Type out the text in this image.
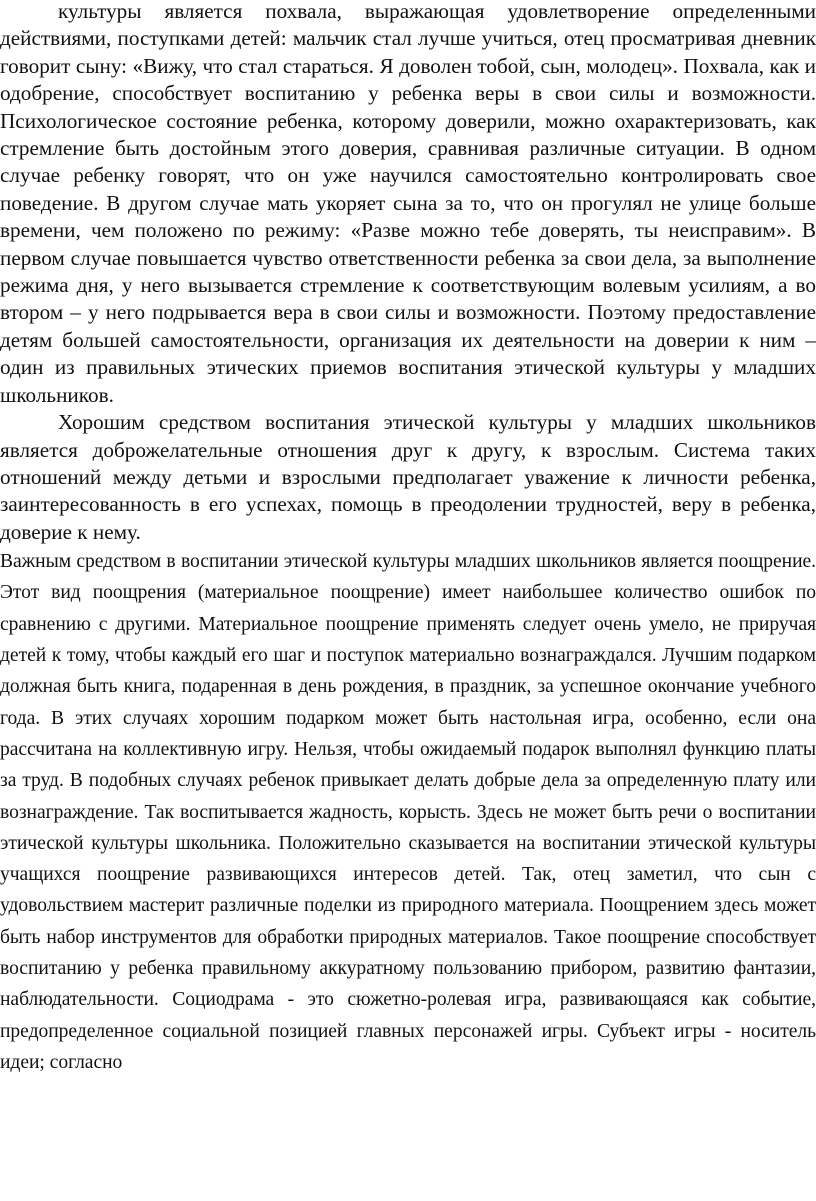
культуры является похвала, выражающая удовлетворение определенными действиями, поступками детей: мальчик стал лучше учиться, отец просматривая дневник говорит сыну: «Вижу, что стал стараться. Я доволен тобой, сын, молодец». Похвала, как и одобрение, способствует воспитанию у ребенка веры в свои силы и возможности. Психологическое состояние ребенка, которому доверили, можно охарактеризовать, как стремление быть достойным этого доверия, сравнивая различные ситуации. В одном случае ребенку говорят, что он уже научился самостоятельно контролировать свое поведение. В другом случае мать укоряет сына за то, что он прогулял не улице больше времени, чем положено по режиму: «Разве можно тебе доверять, ты неисправим». В первом случае повышается чувство ответственности ребенка за свои дела, за выполнение режима дня, у него вызывается стремление к соответствующим волевым усилиям, а во втором – у него подрывается вера в свои силы и возможности. Поэтому предоставление детям большей самостоятельности, организация их деятельности на доверии к ним – один из правильных этических приемов воспитания этической культуры у младших школьников.

Хорошим средством воспитания этической культуры у младших школьников является доброжелательные отношения друг к другу, к взрослым. Система таких отношений между детьми и взрослыми предполагает уважение к личности ребенка, заинтересованность в его успехах, помощь в преодолении трудностей, веру в ребенка, доверие к нему.

Важным средством в воспитании этической культуры младших школьников является поощрение. Этот вид поощрения (материальное поощрение) имеет наибольшее количество ошибок по сравнению с другими. Материальное поощрение применять следует очень умело, не приручая детей к тому, чтобы каждый его шаг и поступок материально вознаграждался. Лучшим подарком должная быть книга, подаренная в день рождения, в праздник, за успешное окончание учебного года. В этих случаях хорошим подарком может быть настольная игра, особенно, если она рассчитана на коллективную игру. Нельзя, чтобы ожидаемый подарок выполнял функцию платы за труд. В подобных случаях ребенок привыкает делать добрые дела за определенную плату или вознаграждение. Так воспитывается жадность, корысть. Здесь не может быть речи о воспитании этической культуры школьника. Положительно сказывается на воспитании этической культуры учащихся поощрение развивающихся интересов детей. Так, отец заметил, что сын с удовольствием мастерит различные поделки из природного материала. Поощрением здесь может быть набор инструментов для обработки природных материалов. Такое поощрение способствует воспитанию у ребенка правильному аккуратному пользованию прибором, развитию фантазии, наблюдательности. Социодрама - это сюжетно-ролевая игра, развивающаяся как событие, предопределенное социальной позицией главных персонажей игры. Субъект игры - носитель идеи; согласно
